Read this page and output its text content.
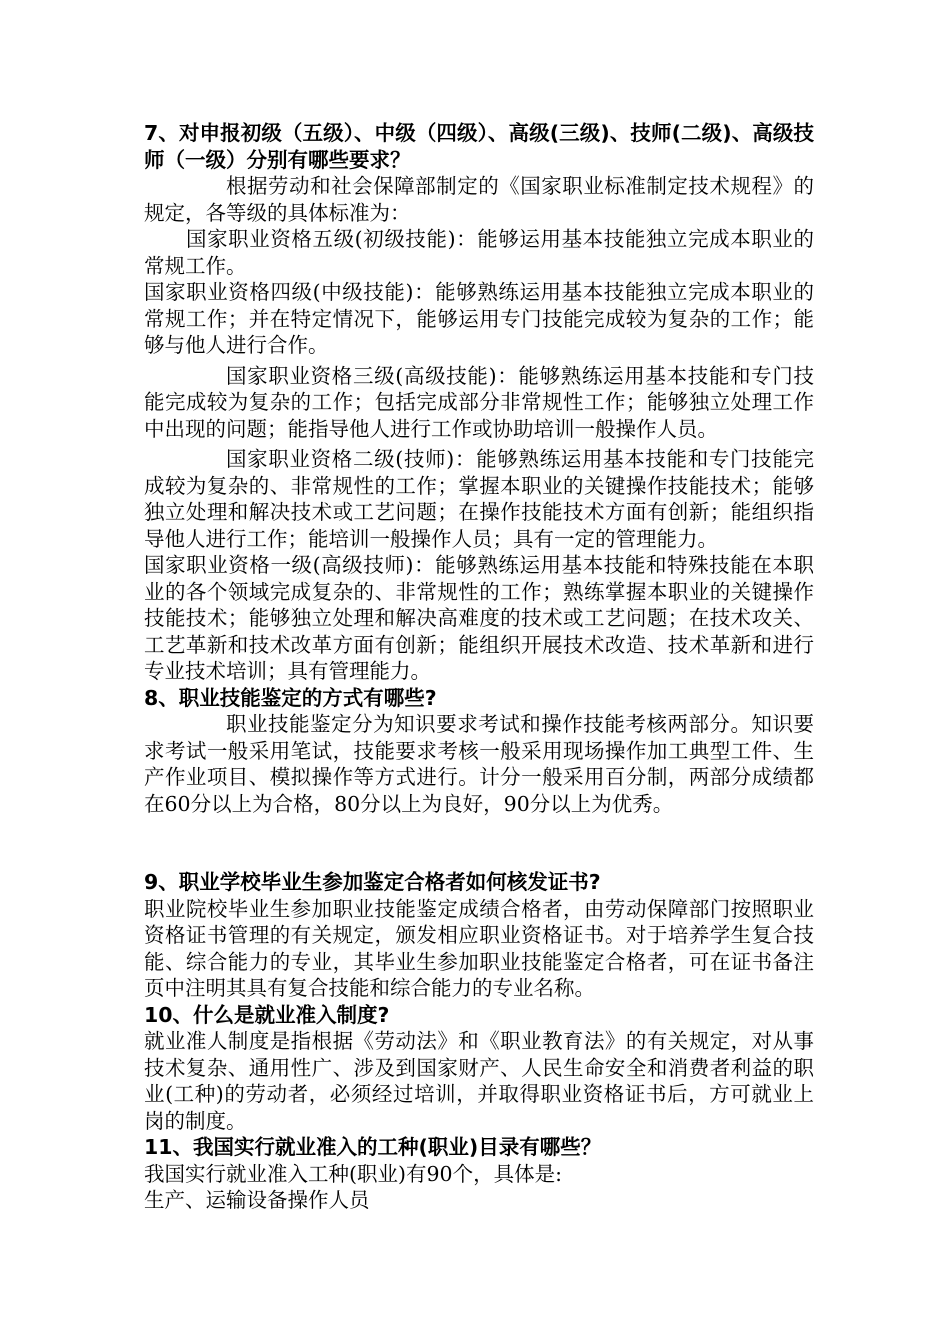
7、对申报初级（五级）、中级（四级）、高级(三级)、技师(二级)、高级技师（一级）分别有哪些要求？

根据劳动和社会保障部制定的《国家职业标准制定技术规程》的规定，各等级的具体标准为：

国家职业资格五级(初级技能)：能够运用基本技能独立完成本职业的常规工作。

国家职业资格四级(中级技能)：能够熟练运用基本技能独立完成本职业的常规工作；并在特定情况下，能够运用专门技能完成较为复杂的工作；能够与他人进行合作。

国家职业资格三级(高级技能)：能够熟练运用基本技能和专门技能完成较为复杂的工作；包括完成部分非常规性工作；能够独立处理工作中出现的问题；能指导他人进行工作或协助培训一般操作人员。

国家职业资格二级(技师)：能够熟练运用基本技能和专门技能完成较为复杂的、非常规性的工作；掌握本职业的关键操作技能技术；能够独立处理和解决技术或工艺问题；在操作技能技术方面有创新；能组织指导他人进行工作；能培训一般操作人员；具有一定的管理能力。

国家职业资格一级(高级技师)：能够熟练运用基本技能和特殊技能在本职业的各个领域完成复杂的、非常规性的工作；熟练掌握本职业的关键操作技能技术；能够独立处理和解决高难度的技术或工艺问题；在技术攻关、工艺革新和技术改革方面有创新；能组织开展技术改造、技术革新和进行专业技术培训；具有管理能力。

8、职业技能鉴定的方式有哪些?

职业技能鉴定分为知识要求考试和操作技能考核两部分。知识要求考试一般采用笔试，技能要求考核一般采用现场操作加工典型工件、生产作业项目、模拟操作等方式进行。计分一般采用百分制，两部分成绩都在60分以上为合格，80分以上为良好，90分以上为优秀。

9、职业学校毕业生参加鉴定合格者如何核发证书?

职业院校毕业生参加职业技能鉴定成绩合格者，由劳动保障部门按照职业资格证书管理的有关规定，颁发相应职业资格证书。对于培养学生复合技能、综合能力的专业，其毕业生参加职业技能鉴定合格者，可在证书备注页中注明其具有复合技能和综合能力的专业名称。

10、什么是就业准入制度?

就业准人制度是指根据《劳动法》和《职业教育法》的有关规定，对从事技术复杂、通用性广、涉及到国家财产、人民生命安全和消费者利益的职业(工种)的劳动者，必须经过培训，并取得职业资格证书后，方可就业上岗的制度。

11、我国实行就业准入的工种(职业)目录有哪些？

我国实行就业准入工种(职业)有90个，具体是:

生产、运输设备操作人员
